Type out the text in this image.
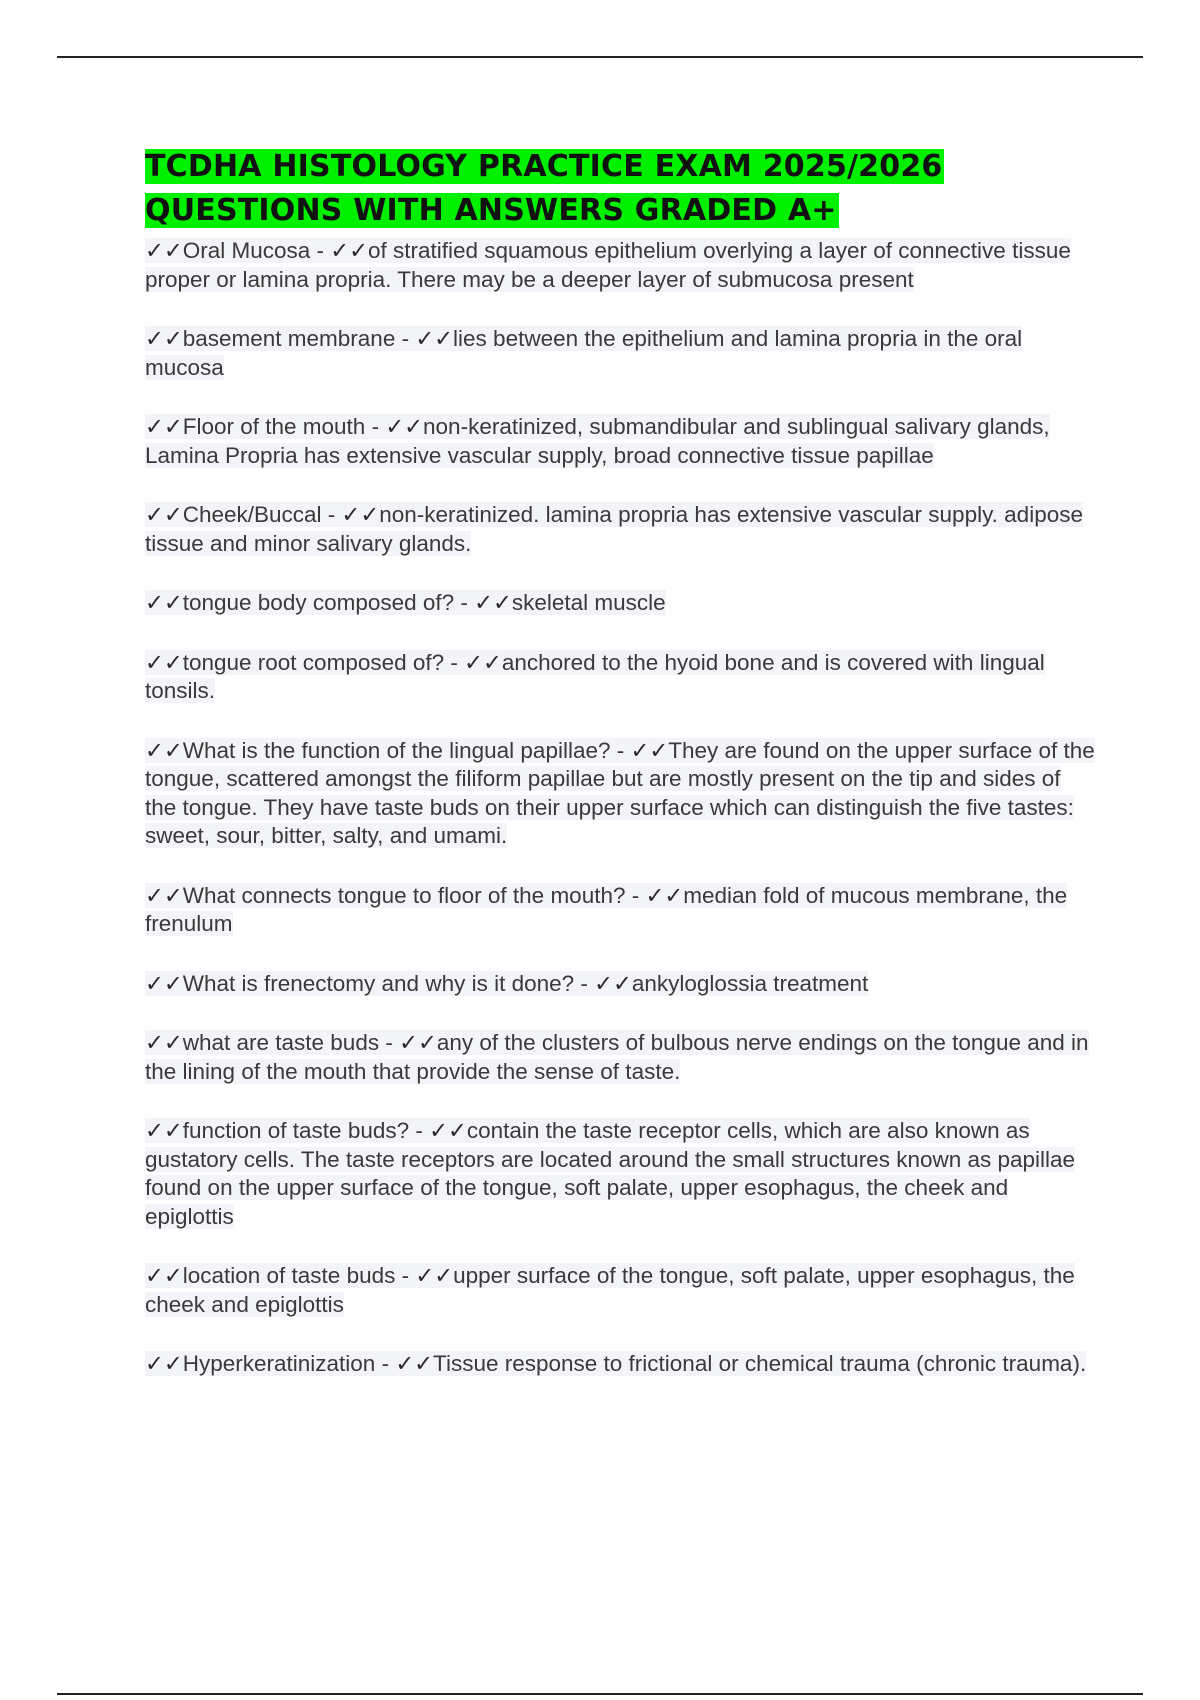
TCDHA HISTOLOGY PRACTICE EXAM 2025/2026
QUESTIONS WITH ANSWERS GRADED A+

✓✓Oral Mucosa - ✓✓of stratified squamous epithelium overlying a layer of connective tissue proper or lamina propria. There may be a deeper layer of submucosa present

✓✓basement membrane - ✓✓lies between the epithelium and lamina propria in the oral mucosa

✓✓Floor of the mouth - ✓✓non-keratinized, submandibular and sublingual salivary glands, Lamina Propria has extensive vascular supply, broad connective tissue papillae

✓✓Cheek/Buccal - ✓✓non-keratinized. lamina propria has extensive vascular supply. adipose tissue and minor salivary glands.

✓✓tongue body composed of? - ✓✓skeletal muscle

✓✓tongue root composed of? - ✓✓anchored to the hyoid bone and is covered with lingual tonsils.

✓✓What is the function of the lingual papillae? - ✓✓They are found on the upper surface of the tongue, scattered amongst the filiform papillae but are mostly present on the tip and sides of the tongue. They have taste buds on their upper surface which can distinguish the five tastes: sweet, sour, bitter, salty, and umami.

✓✓What connects tongue to floor of the mouth? - ✓✓median fold of mucous membrane, the frenulum

✓✓What is frenectomy and why is it done? - ✓✓ankyloglossia treatment

✓✓what are taste buds - ✓✓any of the clusters of bulbous nerve endings on the tongue and in the lining of the mouth that provide the sense of taste.

✓✓function of taste buds? - ✓✓contain the taste receptor cells, which are also known as gustatory cells. The taste receptors are located around the small structures known as papillae found on the upper surface of the tongue, soft palate, upper esophagus, the cheek and epiglottis

✓✓location of taste buds - ✓✓upper surface of the tongue, soft palate, upper esophagus, the cheek and epiglottis

✓✓Hyperkeratinization - ✓✓Tissue response to frictional or chemical trauma (chronic trauma).
